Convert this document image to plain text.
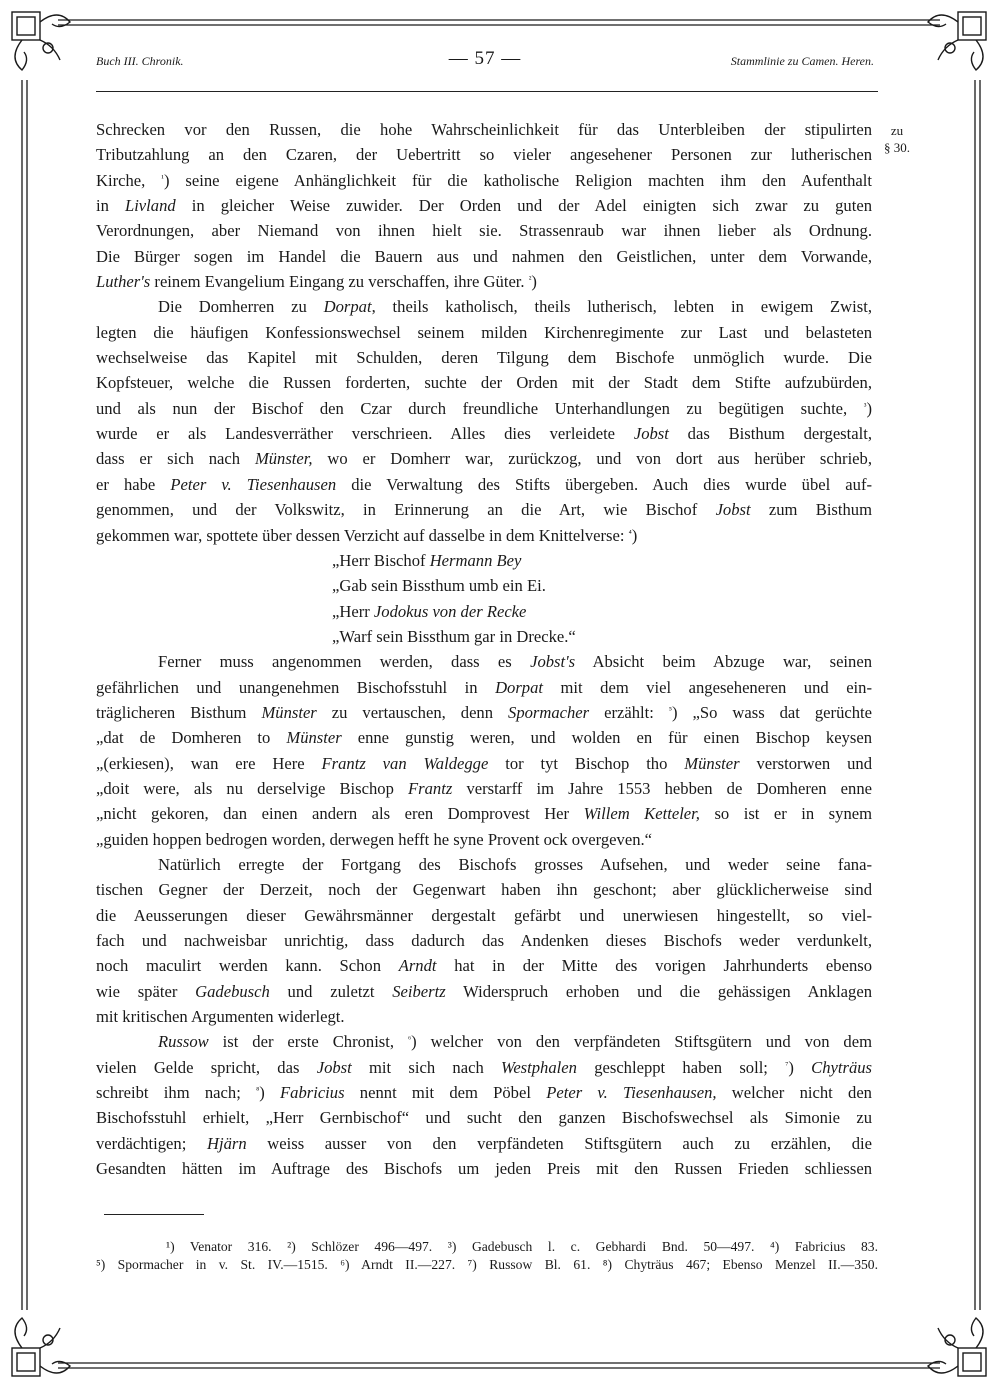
Buch III. Chronik.	— 57 —	Stammlinie zu Camen. Heren.
zu
§ 30.
Schrecken vor den Russen, die hohe Wahrscheinlichkeit für das Unterbleiben der stipulirten
Tributzahlung an den Czaren, der Uebertritt so vieler angesehener Personen zur lutherischen
Kirche, $^{^1}$) seine eigene Anhänglichkeit für die katholische Religion machten ihm den Aufenthalt
in Livland in gleicher Weise zuwider. Der Orden und der Adel einigten sich zwar zu guten
Verordnungen, aber Niemand von ihnen hielt sie. Strassenraub war ihnen lieber als Ordnung.
Die Bürger sogen im Handel die Bauern aus und nahmen den Geistlichen, unter dem Vorwande,
Luther's reinem Evangelium Eingang zu verschaffen, ihre Güter. $^{^2}$)
Die Domherren zu Dorpat, theils katholisch, theils lutherisch, lebten in ewigem Zwist,
legten die häufigen Konfessionswechsel seinem milden Kirchenregimente zur Last und belasteten
wechselweise das Kapitel mit Schulden, deren Tilgung dem Bischofe unmöglich wurde. Die
Kopfsteuer, welche die Russen forderten, suchte der Orden mit der Stadt dem Stifte aufzubürden,
und als nun der Bischof den Czar durch freundliche Unterhandlungen zu begütigen suchte, $^{^3}$)
wurde er als Landesverräther verschrieen. Alles dies verleidete Jobst das Bisthum dergestalt,
dass er sich nach Münster, wo er Domherr war, zurückzog, und von dort aus herüber schrieb,
er habe Peter v. Tiesenhausen die Verwaltung des Stifts übergeben. Auch dies wurde übel auf-
genommen, und der Volkswitz, in Erinnerung an die Art, wie Bischof Jobst zum Bisthum
gekommen war, spottete über dessen Verzicht auf dasselbe in dem Knittelverse: $^{^4}$)
„Herr Bischof Hermann Bey
„Gab sein Bissthum umb ein Ei.
„Herr Jodokus von der Recke
„Warf sein Bissthum gar in Drecke.“
Ferner muss angenommen werden, dass es Jobst's Absicht beim Abzuge war, seinen
gefährlichen und unangenehmen Bischofsstuhl in Dorpat mit dem viel angeseheneren und ein-
träglicheren Bisthum Münster zu vertauschen, denn Spormacher erzählt: $^{^5}$) „So wass dat gerüchte
„dat de Domheren to Münster enne gunstig weren, und wolden en für einen Bischop keysen
„(erkiesen), wan ere Here Frantz van Waldegge tor tyt Bischop tho Münster verstorwen und
„doit were, als nu derselvige Bischop Frantz verstarff im Jahre 1553 hebben de Domheren enne
„nicht gekoren, dan einen andern als eren Domprovest Her Willem Ketteler, so ist er in synem
„guiden hoppen bedrogen worden, derwegen hefft he syne Provent ock overgeven.“
Natürlich erregte der Fortgang des Bischofs grosses Aufsehen, und weder seine fana-
tischen Gegner der Derzeit, noch der Gegenwart haben ihn geschont; aber glücklicherweise sind
die Aeusserungen dieser Gewährsmänner dergestalt gefärbt und unerwiesen hingestellt, so viel-
fach und nachweisbar unrichtig, dass dadurch das Andenken dieses Bischofs weder verdunkelt,
noch maculirt werden kann. Schon Arndt hat in der Mitte des vorigen Jahrhunderts ebenso
wie später Gadebusch und zuletzt Seibertz Widerspruch erhoben und die gehässigen Anklagen
mit kritischen Argumenten widerlegt.
Russow ist der erste Chronist, $^{^6}$) welcher von den verpfändeten Stiftsgütern und von dem
vielen Gelde spricht, das Jobst mit sich nach Westphalen geschleppt haben soll; $^{^7}$) Chyträus
schreibt ihm nach; $^{^8}$) Fabricius nennt mit dem Pöbel Peter v. Tiesenhausen, welcher nicht den
Bischofsstuhl erhielt, „Herr Gernbischof“ und sucht den ganzen Bischofswechsel als Simonie zu
verdächtigen; Hjärn weiss ausser von den verpfändeten Stiftsgütern auch zu erzählen, die
Gesandten hätten im Auftrage des Bischofs um jeden Preis mit den Russen Frieden schliessen
¹) Venator 316. ²) Schlözer 496—497. ³) Gadebusch l. c. Gebhardi Bnd. 50—497. ⁴) Fabricius 83.
⁵) Spormacher in v. St. IV.—1515. ⁶) Arndt II.—227. ⁷) Russow Bl. 61. ⁸) Chyträus 467; Ebenso Menzel II.—350.
